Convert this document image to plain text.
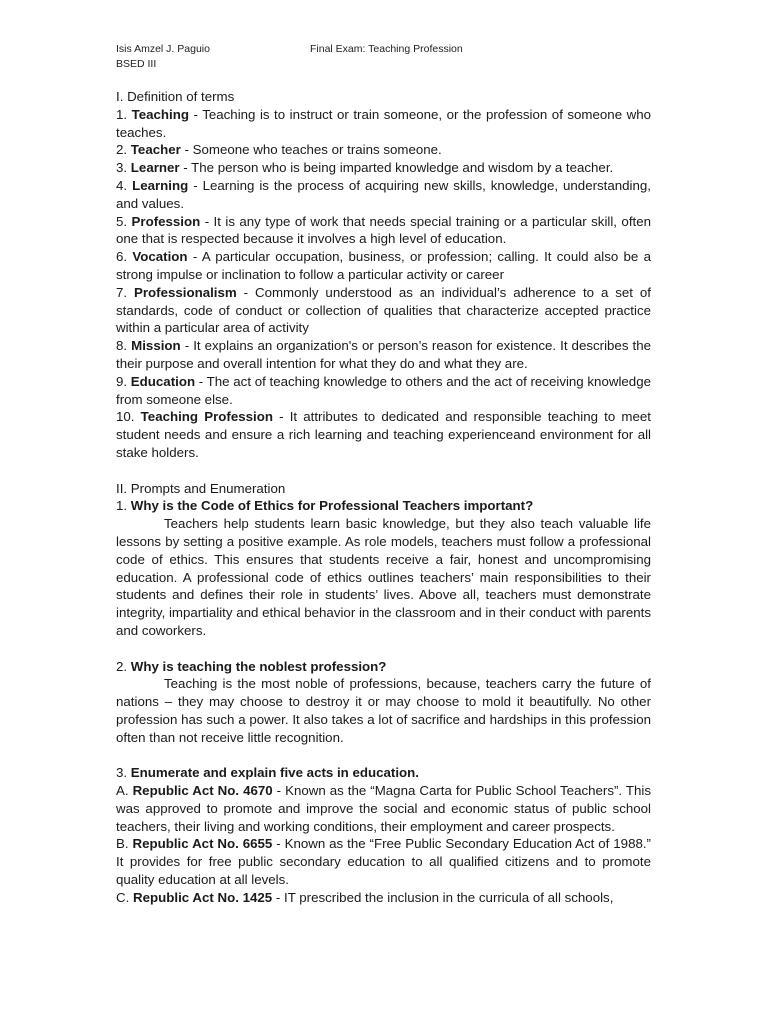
Isis Amzel J. Paguio	Final Exam: Teaching Profession
BSED III

I. Definition of terms

1. Teaching - Teaching is to instruct or train someone, or the profession of someone who teaches.

2. Teacher - Someone who teaches or trains someone.

3. Learner - The person who is being imparted knowledge and wisdom by a teacher.

4. Learning - Learning is the process of acquiring new skills, knowledge, understanding, and values.

5. Profession - It is any type of work that needs special training or a particular skill, often one that is respected because it involves a high level of education.

6. Vocation - A particular occupation, business, or profession; calling. It could also be a strong impulse or inclination to follow a particular activity or career

7. Professionalism - Commonly understood as an individual’s adherence to a set of standards, code of conduct or collection of qualities that characterize accepted practice within a particular area of activity

8. Mission - It explains an organization's or person’s reason for existence. It describes the their purpose and overall intention for what they do and what they are.

9. Education - The act of teaching knowledge to others and the act of receiving knowledge from someone else.

10. Teaching Profession - It attributes to dedicated and responsible teaching to meet student needs and ensure a rich learning and teaching experienceand environment for all stake holders.

II. Prompts and Enumeration

1. Why is the Code of Ethics for Professional Teachers important?

Teachers help students learn basic knowledge, but they also teach valuable life lessons by setting a positive example. As role models, teachers must follow a professional code of ethics. This ensures that students receive a fair, honest and uncompromising education. A professional code of ethics outlines teachers’ main responsibilities to their students and defines their role in students’ lives. Above all, teachers must demonstrate integrity, impartiality and ethical behavior in the classroom and in their conduct with parents and coworkers.

2. Why is teaching the noblest profession?

Teaching is the most noble of professions, because, teachers carry the future of nations – they may choose to destroy it or may choose to mold it beautifully. No other profession has such a power. It also takes a lot of sacrifice and hardships in this profession often than not receive little recognition.

3. Enumerate and explain five acts in education.

A. Republic Act No. 4670 - Known as the “Magna Carta for Public School Teachers”. This was approved to promote and improve the social and economic status of public school teachers, their living and working conditions, their employment and career prospects.

B. Republic Act No. 6655 - Known as the “Free Public Secondary Education Act of 1988.” It provides for free public secondary education to all qualified citizens and to promote quality education at all levels.

C. Republic Act No. 1425 - IT prescribed the inclusion in the curricula of all schools,
